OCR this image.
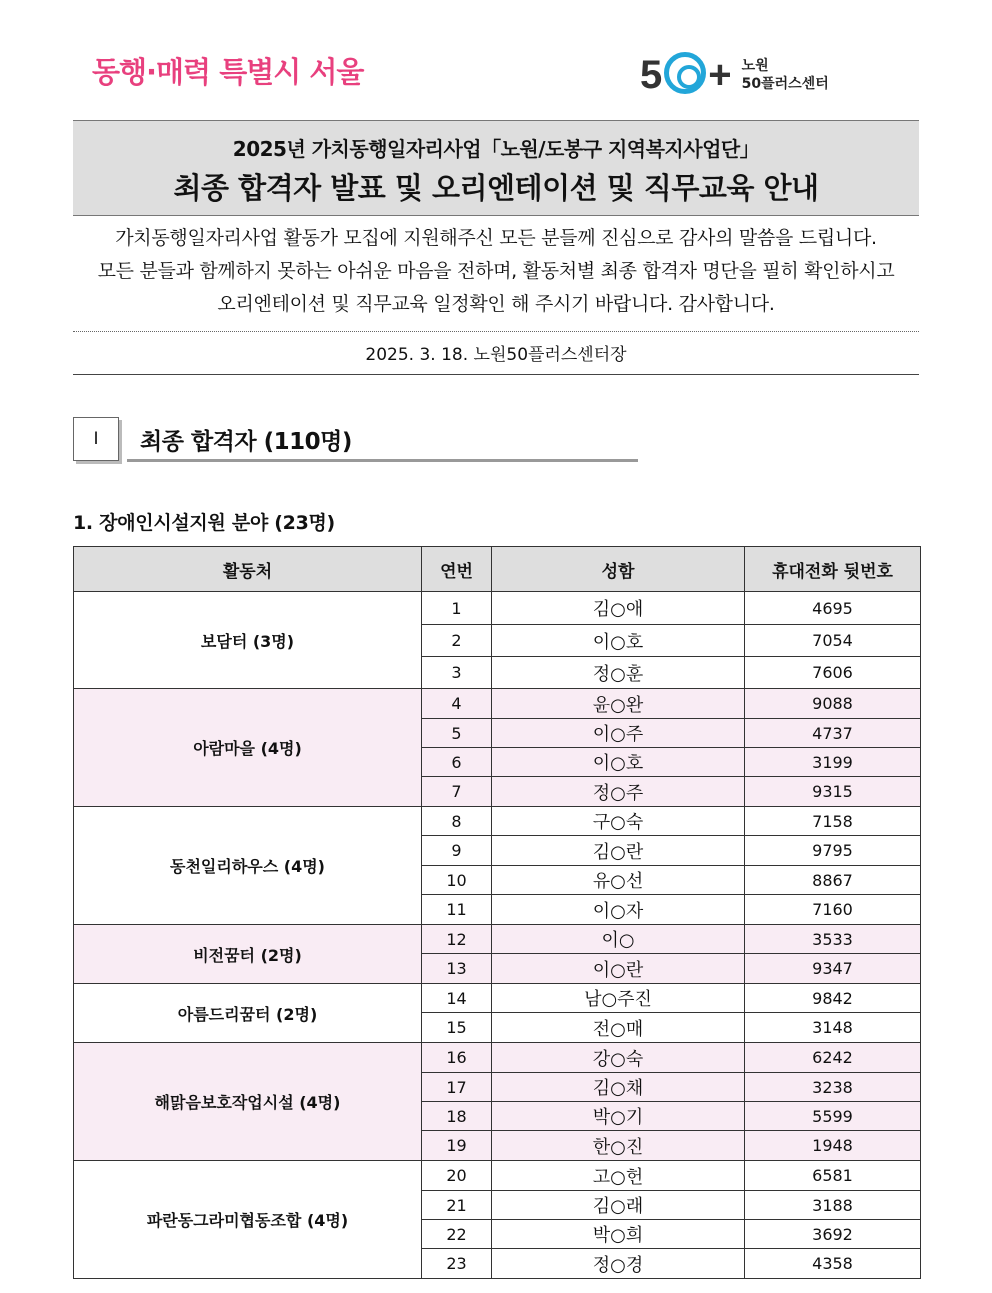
동행·매력 특별시 서울	5 + 노원
50플러스센터
2025년 가치동행일자리사업「노원/도봉구 지역복지사업단」
최종 합격자 발표 및 오리엔테이션 및 직무교육 안내
가치동행일자리사업 활동가 모집에 지원해주신 모든 분들께 진심으로 감사의 말씀을 드립니다.
모든 분들과 함께하지 못하는 아쉬운 마음을 전하며, 활동처별 최종 합격자 명단을 필히 확인하시고
오리엔테이션 및 직무교육 일정확인 해 주시기 바랍니다. 감사합니다.
2025. 3. 18. 노원50플러스센터장
Ⅰ	최종 합격자 (110명)
1. 장애인시설지원 분야 (23명)
활동처	연번	성함	휴대전화 뒷번호
보담터 (3명)	1	김○애	4695
	2	이○호	7054
	3	정○훈	7606
아람마을 (4명)	4	윤○완	9088
	5	이○주	4737
	6	이○호	3199
	7	정○주	9315
동천일리하우스 (4명)	8	구○숙	7158
	9	김○란	9795
	10	유○선	8867
	11	이○자	7160
비전꿈터 (2명)	12	이○	3533
	13	이○란	9347
아름드리꿈터 (2명)	14	남○주진	9842
	15	전○매	3148
해맑음보호작업시설 (4명)	16	강○숙	6242
	17	김○채	3238
	18	박○기	5599
	19	한○진	1948
파란동그라미협동조합 (4명)	20	고○헌	6581
	21	김○래	3188
	22	박○희	3692
	23	정○경	4358
